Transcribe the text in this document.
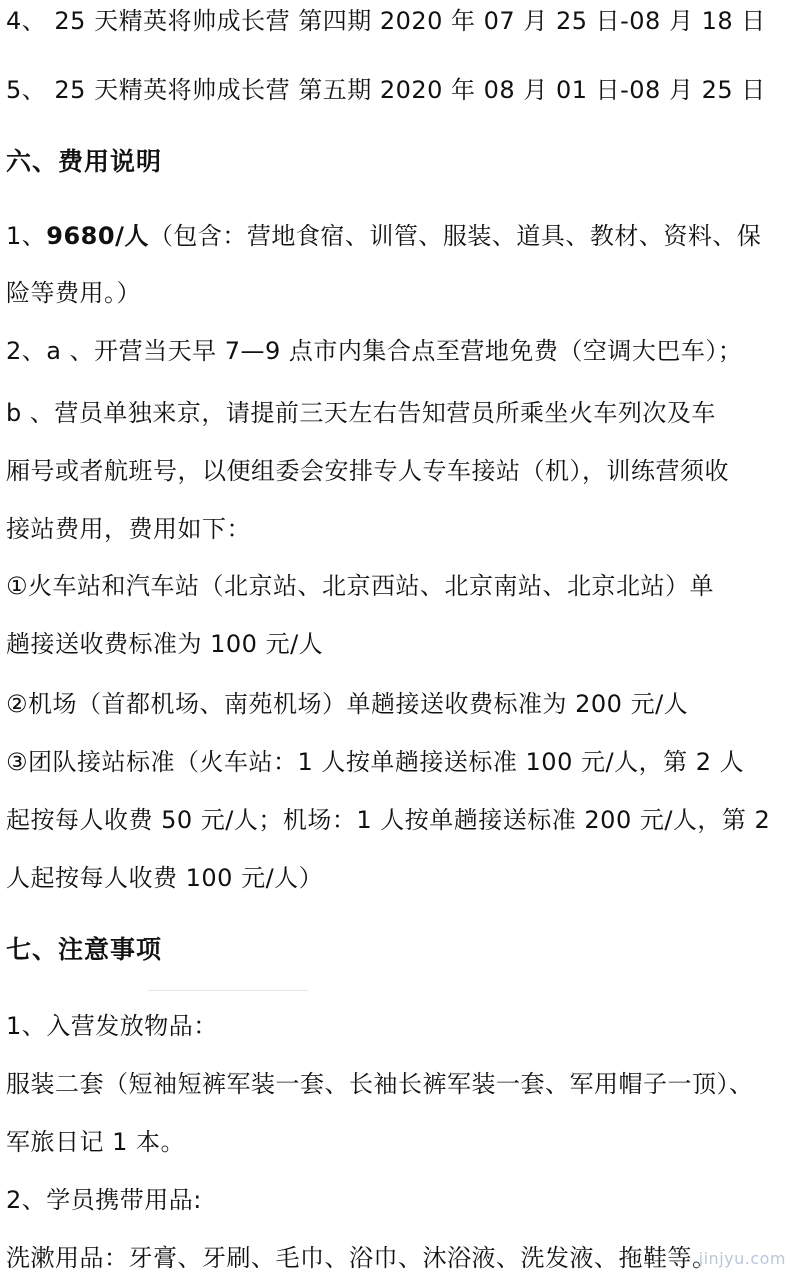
4、 25 天精英将帅成长营 第四期 2020 年 07 月 25 日-08 月 18 日
5、 25 天精英将帅成长营 第五期 2020 年 08 月 01 日-08 月 25 日
六、费用说明
1、9680/人（包含：营地食宿、训管、服装、道具、教材、资料、保
险等费用。）
2、a 、开营当天早 7—9 点市内集合点至营地免费（空调大巴车）；
b 、营员单独来京，请提前三天左右告知营员所乘坐火车列次及车
厢号或者航班号，以便组委会安排专人专车接站（机），训练营须收
接站费用，费用如下：
①火车站和汽车站（北京站、北京西站、北京南站、北京北站）单
趟接送收费标准为 100 元/人
②机场（首都机场、南苑机场）单趟接送收费标准为 200 元/人
③团队接站标准（火车站：1 人按单趟接送标准 100 元/人，第 2 人
起按每人收费 50 元/人；机场：1 人按单趟接送标准 200 元/人，第 2
人起按每人收费 100 元/人）
七、注意事项
1、入营发放物品：
服装二套（短袖短裤军装一套、长袖长裤军装一套、军用帽子一顶）、
军旅日记 1 本。
2、学员携带用品:
洗漱用品：牙膏、牙刷、毛巾、浴巾、沐浴液、洗发液、拖鞋等。
jinjyu.com
